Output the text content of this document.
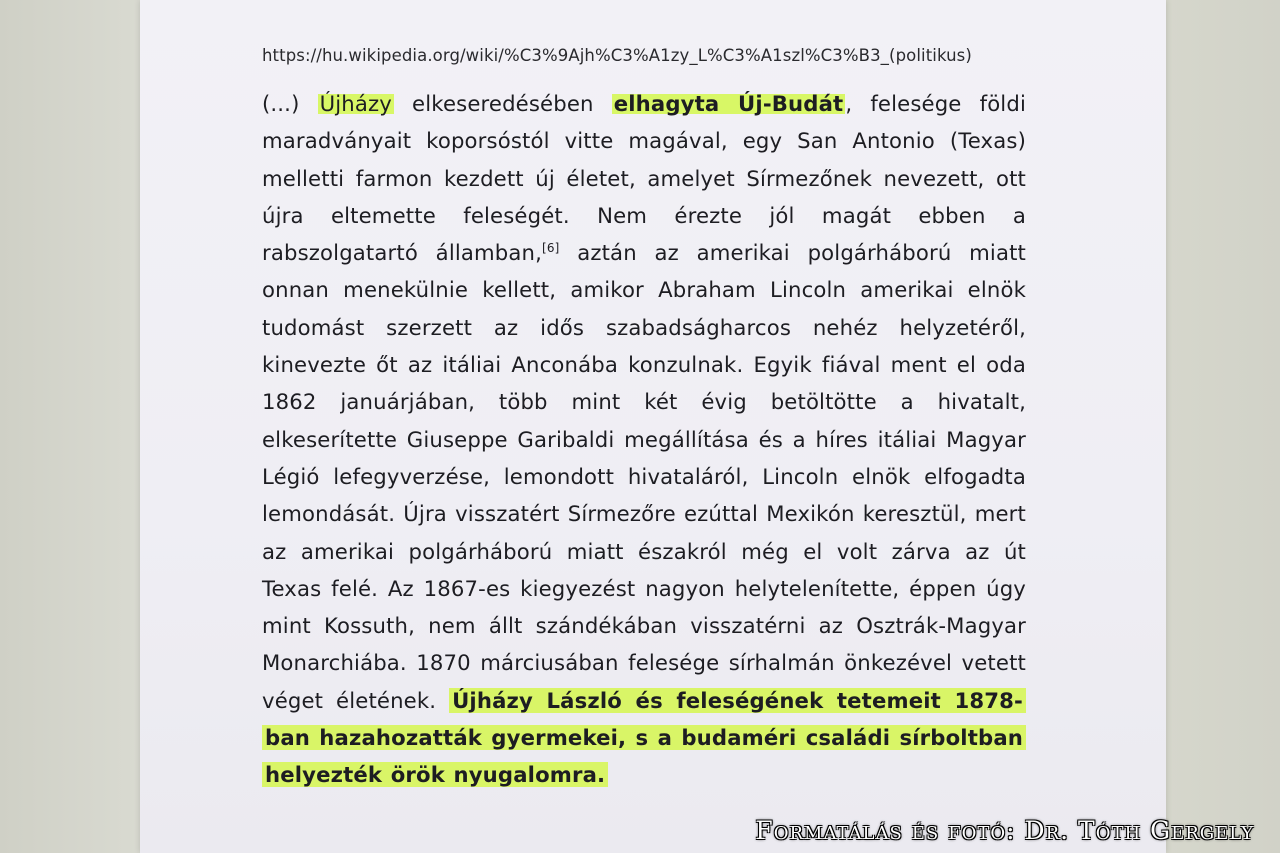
https://hu.wikipedia.org/wiki/%C3%9Ajh%C3%A1zy_L%C3%A1szl%C3%B3_(politikus)
(...) Újházy elkeseredésében elhagyta Új-Budát, felesége földi maradványait koporsóstól vitte magával, egy San Antonio (Texas) melletti farmon kezdett új életet, amelyet Sírmezőnek nevezett, ott újra eltemette feleségét. Nem érezte jól magát ebben a rabszolgatartó államban,[6] aztán az amerikai polgárháború miatt onnan menekülnie kellett, amikor Abraham Lincoln amerikai elnök tudomást szerzett az idős szabadságharcos nehéz helyzetéről, kinevezte őt az itáliai Anconába konzulnak. Egyik fiával ment el oda 1862 januárjában, több mint két évig betöltötte a hivatalt, elkeserítette Giuseppe Garibaldi megállítása és a híres itáliai Magyar Légió lefegyverzése, lemondott hivataláról, Lincoln elnök elfogadta lemondását. Újra visszatért Sírmezőre ezúttal Mexikón keresztül, mert az amerikai polgárháború miatt északról még el volt zárva az út Texas felé. Az 1867-es kiegyezést nagyon helytelenítette, éppen úgy mint Kossuth, nem állt szándékában visszatérni az Osztrák-Magyar Monarchiába. 1870 márciusában felesége sírhalmán önkezével vetett véget életének. Újházy László és feleségének tetemeit 1878-ban hazahozatták gyermekei, s a budaméri családi sírboltban helyezték örök nyugalomra.
Formatálás és fotó: Dr. Tóth Gergely
